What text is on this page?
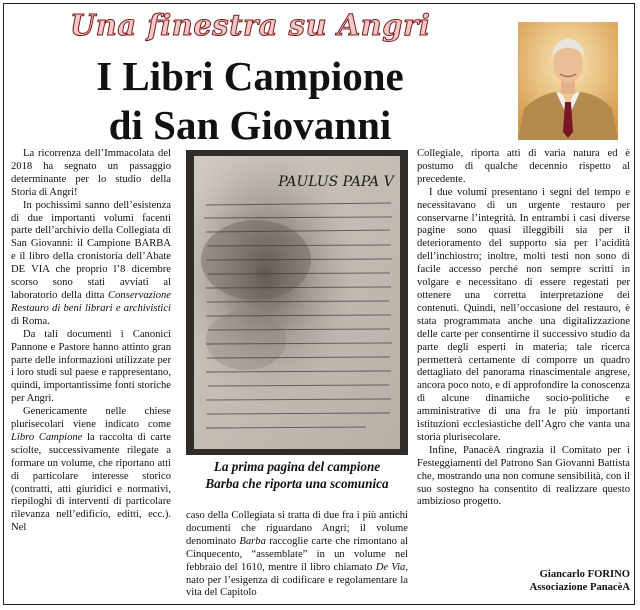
Una finestra su Angri
I Libri Campione
di San Giovanni

La ricorrenza dell’Immacolata del 2018 ha segnato un passaggio determinante per lo studio della Storia di Angri!

In pochissimi sanno dell’esistenza di due importanti volumi facenti parte dell’archivio della Collegiata di San Giovanni: il Campione BARBA e il libro della cronistoria dell’Abate DE VIA che proprio l’8 dicembre scorso sono stati avviati al laboratorio della ditta Conservazione Restauro di beni librari e archivistici di Roma.

Da tali documenti i Canonici Pannone e Pastore hanno attinto gran parte delle informazioni utilizzate per i loro studi sul paese e rappresentano, quindi, importantissime fonti storiche per Angri.

Genericamente nelle chiese plurisecolari viene indicato come Libro Campione la raccolta di carte sciolte, successivamente rilegate a formare un volume, che riportano atti di particolare interesse storico (contratti, atti giuridici e normativi, riepiloghi di interventi di particolare rilevanza nell’edificio, editti, ecc.). Nel

PAULUS PAPA V
La prima pagina del campione
Barba che riporta una scomunica

caso della Collegiata si tratta di due fra i più antichi documenti che riguardano Angri; il volume denominato Barba raccoglie carte che rimontano al Cinquecento, “assemblate” in un volume nel febbraio del 1610, mentre il libro chiamato De Via, nato per l’esigenza di codificare e regolamentare la vita del Capitolo

Collegiale, riporta atti di varia natura ed è postumo di qualche decennio rispetto al precedente.

I due volumi presentano i segni del tempo e necessitavano di un urgente restauro per conservarne l’integrità. In entrambi i casi diverse pagine sono quasi illeggibili sia per il deterioramento del supporto sia per l’acidità dell’inchiostro; inoltre, molti testi non sono di facile accesso perché non sempre scritti in volgare e necessitano di essere regestati per ottenere una corretta interpretazione dei contenuti. Quindi, nell’occasione del restauro, è stata programmata anche una digitalizzazione delle carte per consentirne il successivo studio da parte degli esperti in materia; tale ricerca permetterà certamente di comporre un quadro dettagliato del panorama rinascimentale angrese, ancora poco noto, e di approfondire la conoscenza di alcune dinamiche socio-politiche e amministrative di una fra le più importanti istituzioni ecclesiastiche dell’Agro che vanta una storia plurisecolare.

Infine, PanacèA ringrazia il Comitato per i Festeggiamenti del Patrono San Giovanni Battista che, mostrando una non comune sensibilità, con il suo sostegno ha consentito di realizzare questo ambizioso progetto.

Giancarlo FORINO
Associazione PanacèA
